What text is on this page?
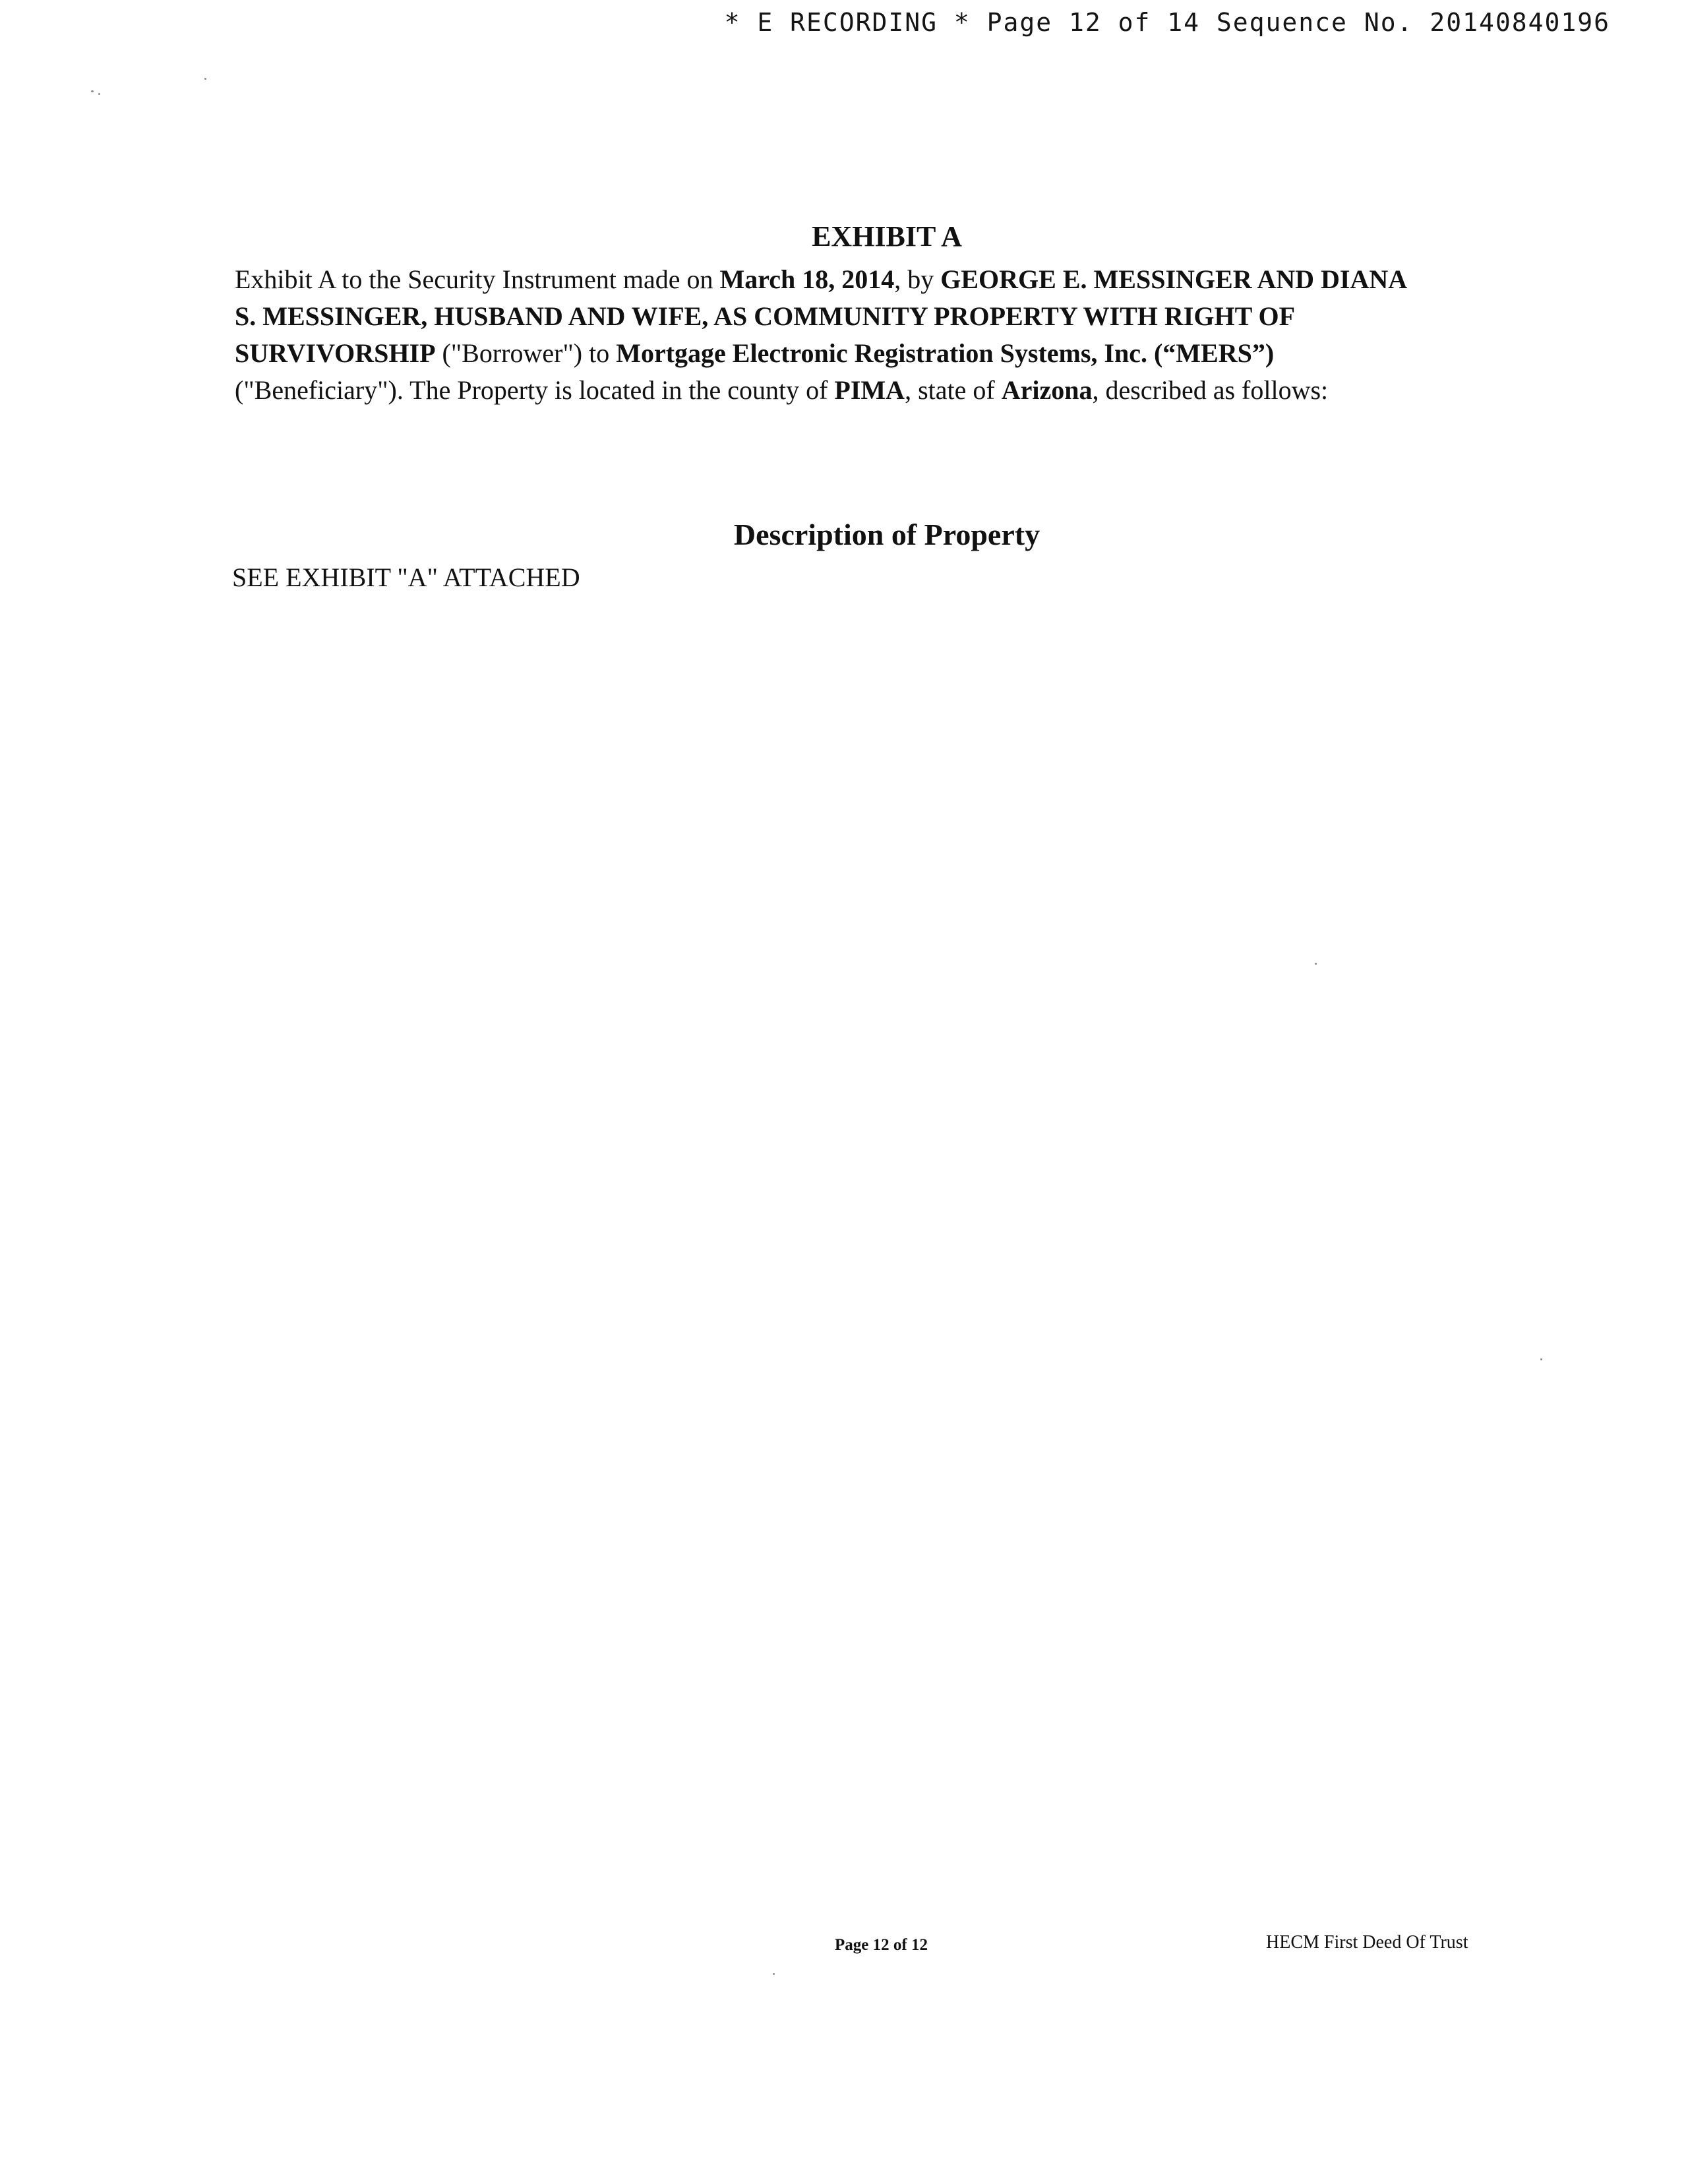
* E RECORDING * Page 12 of 14 Sequence No. 20140840196
EXHIBIT A

Exhibit A to the Security Instrument made on March 18, 2014, by GEORGE E. MESSINGER AND DIANA S. MESSINGER, HUSBAND AND WIFE, AS COMMUNITY PROPERTY WITH RIGHT OF SURVIVORSHIP ("Borrower") to Mortgage Electronic Registration Systems, Inc. (“MERS”) ("Beneficiary"). The Property is located in the county of PIMA, state of Arizona, described as follows:

Description of Property

SEE EXHIBIT "A" ATTACHED

Page 12 of 12	HECM First Deed Of Trust
